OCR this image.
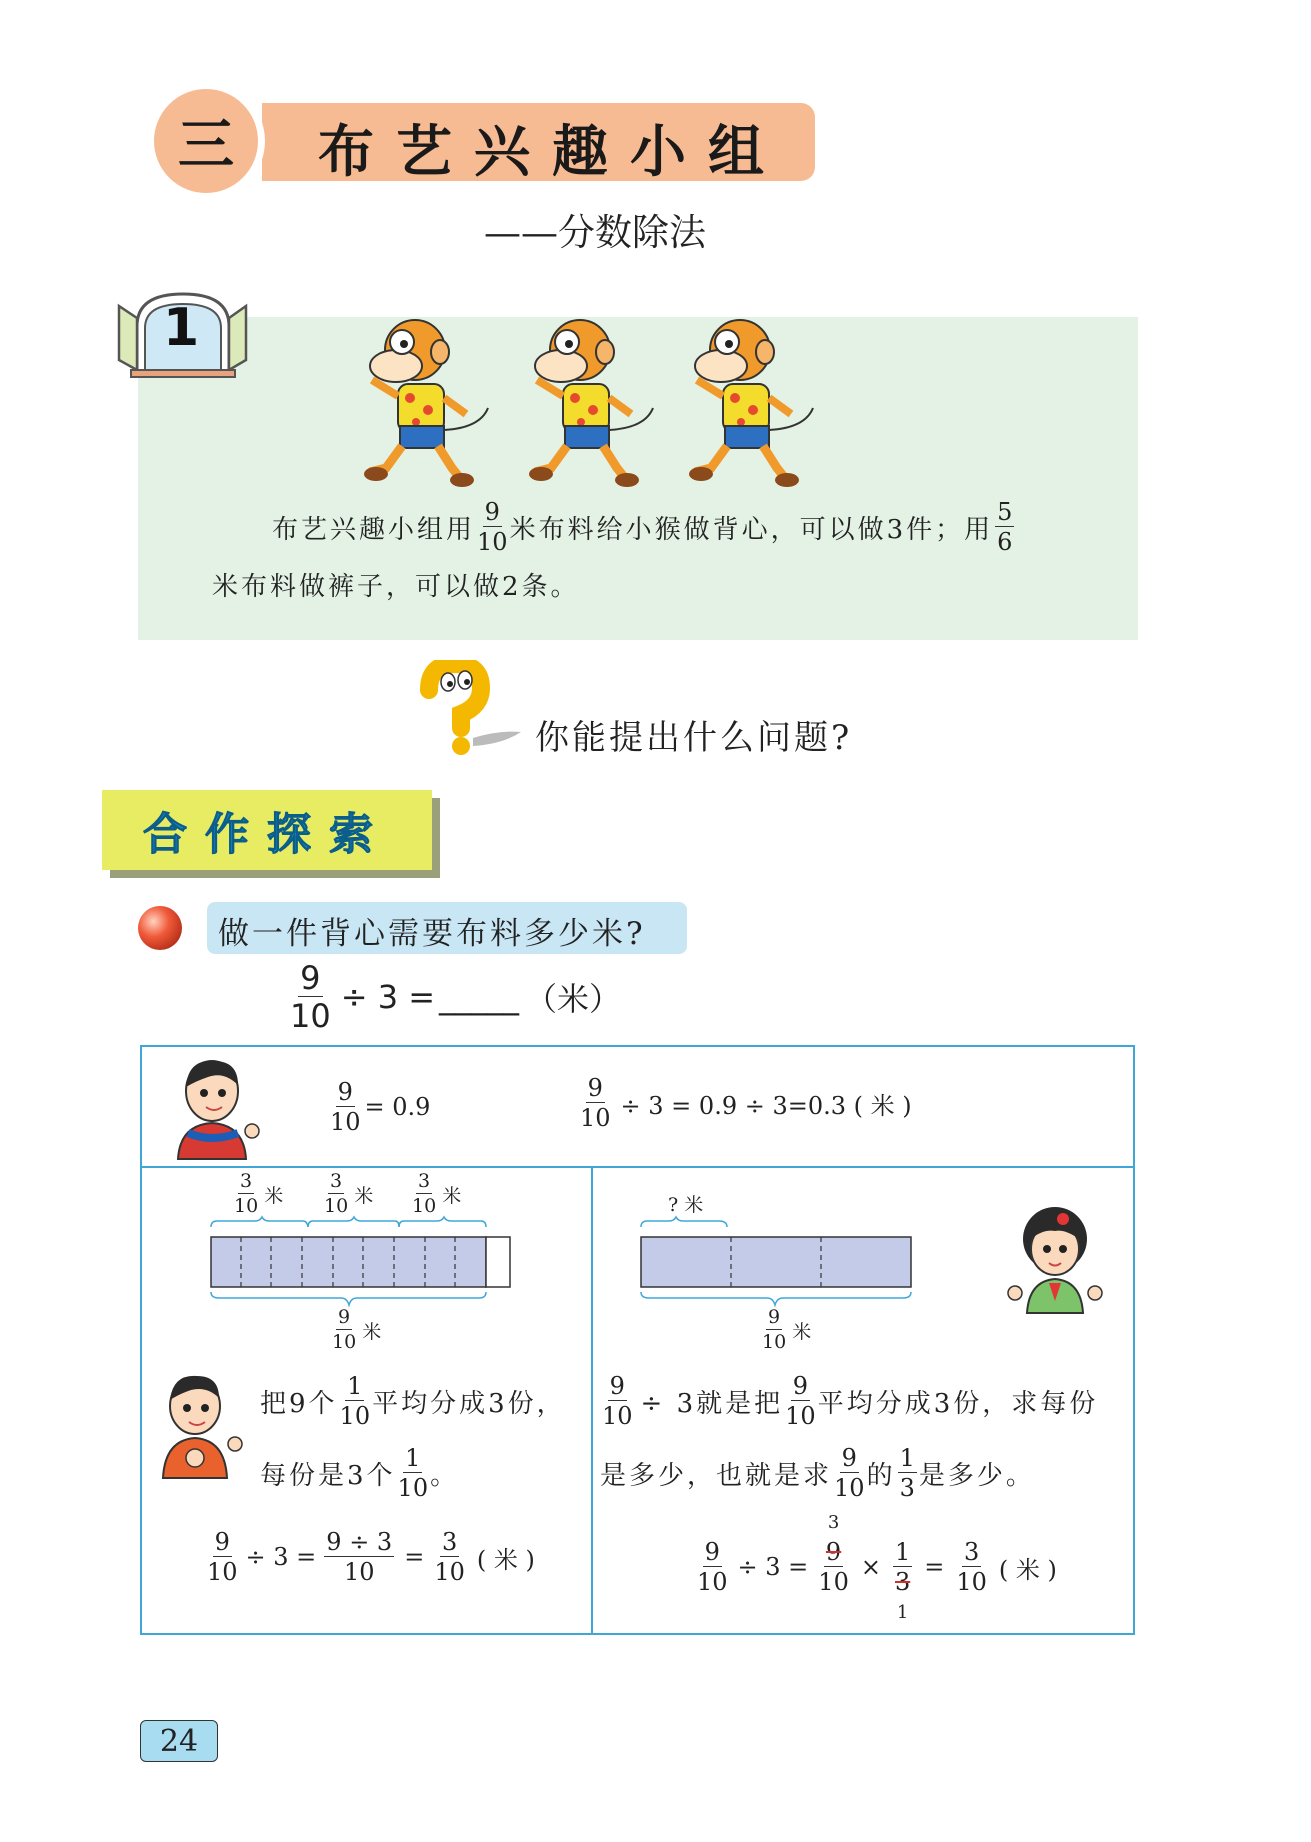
三 布艺兴趣小组
——分数除法
1
布艺兴趣小组用 $\frac{9}{10}$ 米布料给小猴做背心，可以做3件；用 $\frac{5}{6}$
米布料做裤子，可以做2条。
你能提出什么问题?
合作探索
做一件背心需要布料多少米?
$\frac{9}{10} \div 3$ = _____ （米）
$\frac{9}{10} = 0.9$	$\frac{9}{10} \div 3 = 0.9 \div 3=0.3$ ( 米 )
$\frac{3}{10}$ 米 $\frac{3}{10}$ 米 $\frac{3}{10}$ 米
$\frac{9}{10}$ 米
把9个 $\frac{1}{10}$ 平均分成3份，
每份是3个 $\frac{1}{10}$ 。
$\frac{9}{10} \div 3 = \frac{9 \div 3}{10} = \frac{3}{10}$ ( 米 )
? 米
$\frac{9}{10}$ 米
$\frac{9}{10} \div 3$就是把 $\frac{9}{10}$ 平均分成3份，求每份
是多少，也就是求 $\frac{9}{10}$ 的 $\frac{1}{3}$ 是多少。
$\frac{9}{10} \div 3$ =
3
9
10
×
1
3
1
= $\frac{3}{10}$ ( 米 )
24
